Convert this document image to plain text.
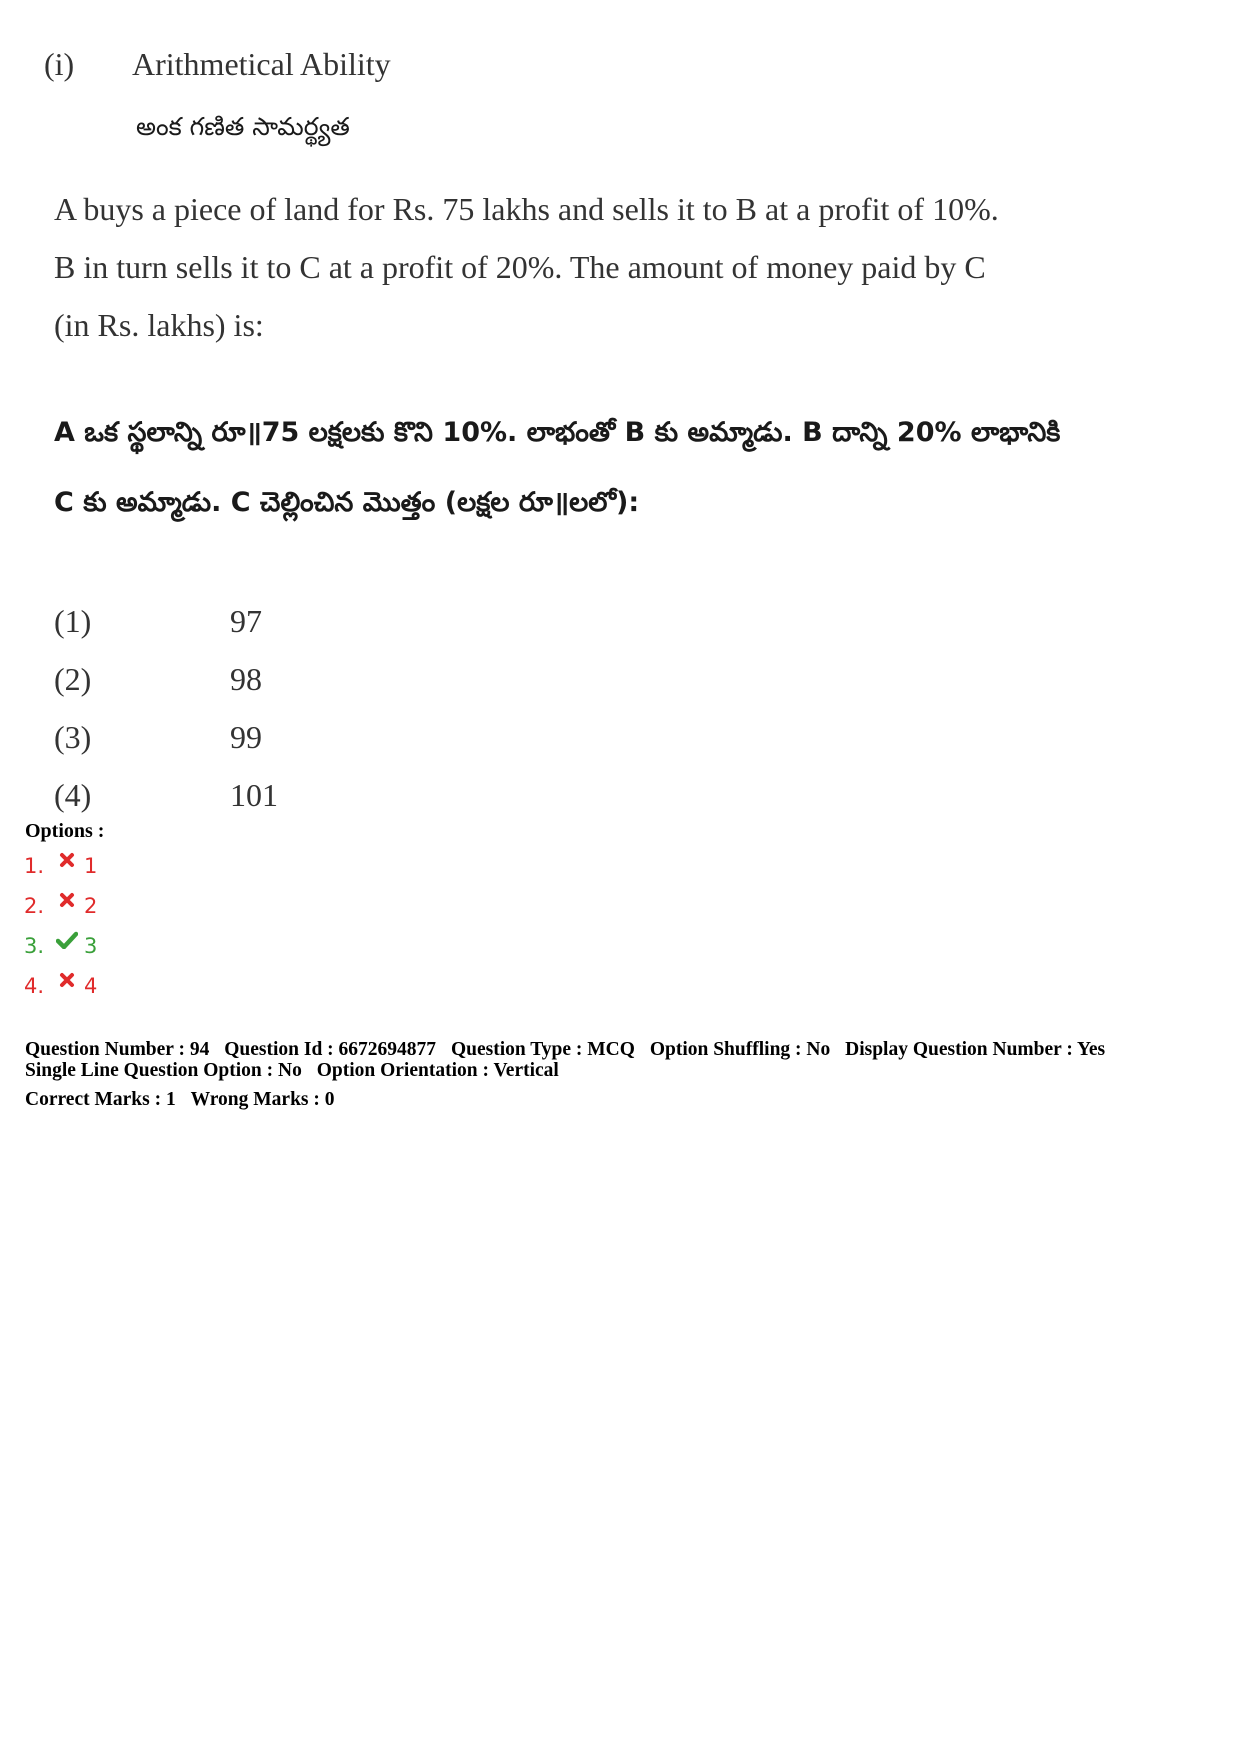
(i) Arithmetical Ability
అంక గణిత సామర్థ్యత
A buys a piece of land for Rs. 75 lakhs and sells it to B at a profit of 10%.
B in turn sells it to C at a profit of 20%. The amount of money paid by C
(in Rs. lakhs) is:
A ఒక స్థలాన్ని రూ॥75 లక్షలకు కొని 10%. లాభంతో B కు అమ్మాడు. B దాన్ని 20% లాభానికి
C కు అమ్మాడు. C చెల్లించిన మొత్తం (లక్షల రూ॥లలో):
(1)	97
(2)	98
(3)	99
(4)	101
Options :
1.	1
2.	2
3.	3
4.	4
Question Number : 94 Question Id : 6672694877 Question Type : MCQ Option Shuffling : No Display Question Number : Yes
Single Line Question Option : No Option Orientation : Vertical
Correct Marks : 1 Wrong Marks : 0
